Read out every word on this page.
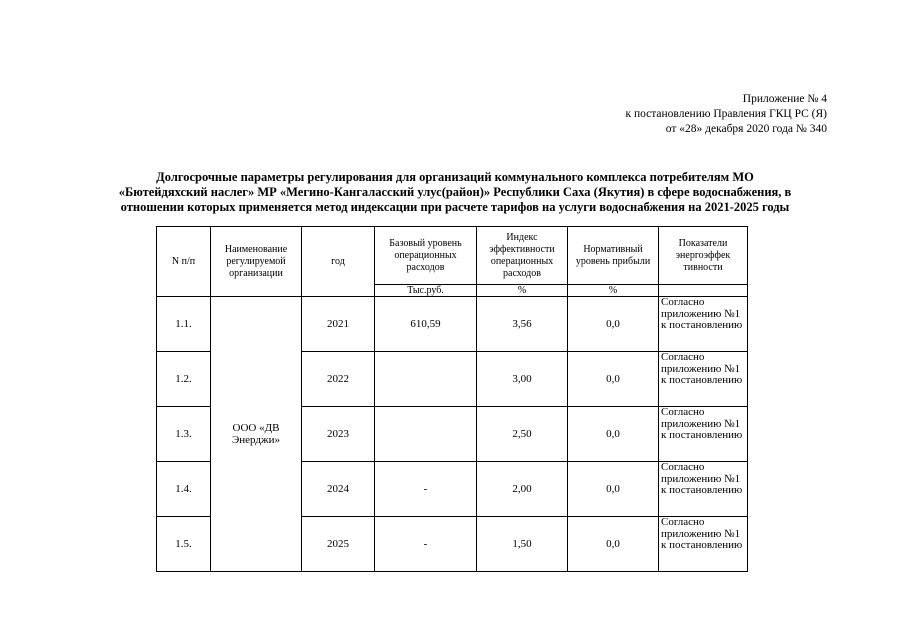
Приложение № 4
к постановлению Правления ГКЦ РС (Я)
от «28» декабря 2020 года № 340
Долгосрочные параметры регулирования для организаций коммунального комплекса потребителям МО
«Бютейдяхский наслег» МР «Мегино-Кангаласский улус(район)» Республики Саха (Якутия) в сфере водоснабжения, в
отношении которых применяется метод индексации при расчете тарифов на услуги водоснабжения на 2021-2025 годы
N п/п	Наименование регулируемой организации	год	Базовый уровень операционных расходов	Индекс эффективности операционных расходов	Нормативный уровень прибыли	Показатели энергоэффек тивности
			Тыс.руб.	%	%	
1.1.	ООО «ДВ Энерджи»	2021	610,59	3,56	0,0	Согласно приложению №1 к постановлению
1.2.		2022		3,00	0,0	Согласно приложению №1 к постановлению
1.3.		2023		2,50	0,0	Согласно приложению №1 к постановлению
1.4.		2024	-	2,00	0,0	Согласно приложению №1 к постановлению
1.5.		2025	-	1,50	0,0	Согласно приложению №1 к постановлению
